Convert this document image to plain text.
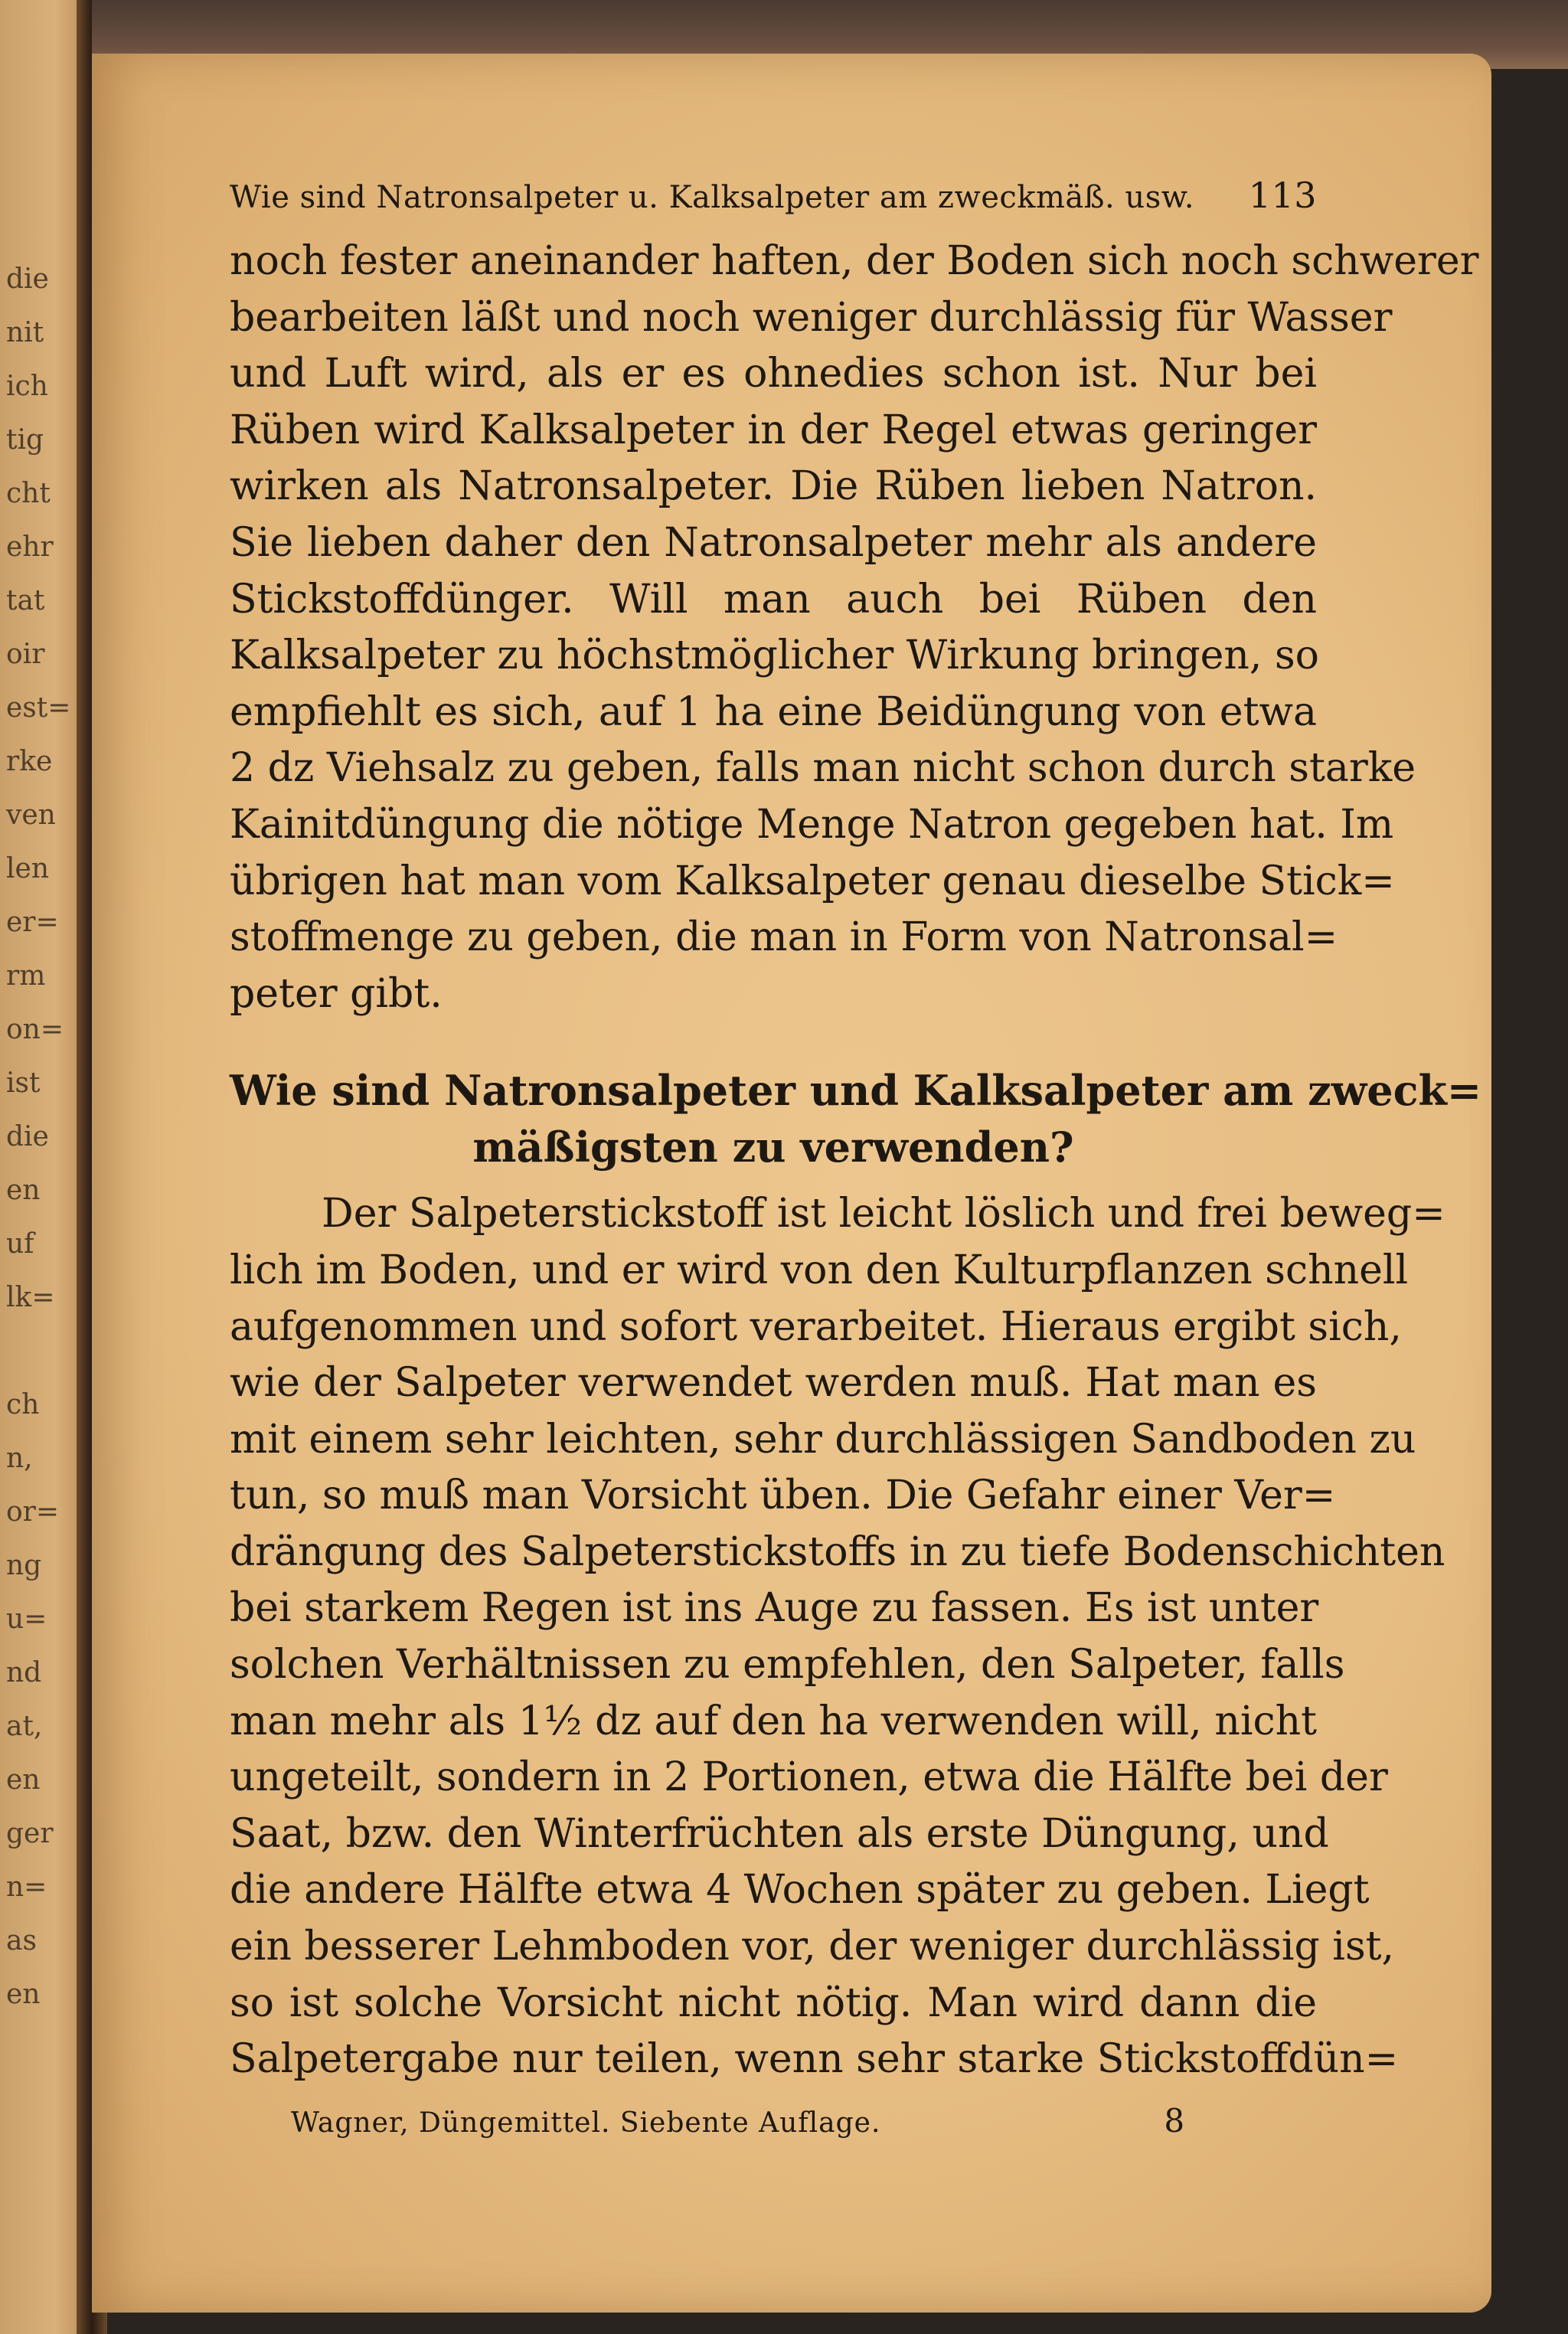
die
nit
ich
tig
cht
ehr
tat
oir
est=
rke
ven
len
er=
rm
on=
ist
die
en
uf
lk=
ch
n,
or=
ng
u=
nd
at,
en
ger
n=
as
en
Wie sind Natronsalpeter u. Kalksalpeter am zweckmäß. usw. 113
noch fester aneinander haften, der Boden sich noch schwerer
bearbeiten läßt und noch weniger durchlässig für Wasser
und Luft wird, als er es ohnedies schon ist. Nur bei
Rüben wird Kalksalpeter in der Regel etwas geringer
wirken als Natronsalpeter. Die Rüben lieben Natron.
Sie lieben daher den Natronsalpeter mehr als andere
Stickstoffdünger. Will man auch bei Rüben den
Kalksalpeter zu höchstmöglicher Wirkung bringen, so
empfiehlt es sich, auf 1 ha eine Beidüngung von etwa
2 dz Viehsalz zu geben, falls man nicht schon durch starke
Kainitdüngung die nötige Menge Natron gegeben hat. Im
übrigen hat man vom Kalksalpeter genau dieselbe Stick=
stoffmenge zu geben, die man in Form von Natronsal=
peter gibt.
Wie sind Natronsalpeter und Kalksalpeter am zweck=
mäßigsten zu verwenden?
Der Salpeterstickstoff ist leicht löslich und frei beweg=
lich im Boden, und er wird von den Kulturpflanzen schnell
aufgenommen und sofort verarbeitet. Hieraus ergibt sich,
wie der Salpeter verwendet werden muß. Hat man es
mit einem sehr leichten, sehr durchlässigen Sandboden zu
tun, so muß man Vorsicht üben. Die Gefahr einer Ver=
drängung des Salpeterstickstoffs in zu tiefe Bodenschichten
bei starkem Regen ist ins Auge zu fassen. Es ist unter
solchen Verhältnissen zu empfehlen, den Salpeter, falls
man mehr als 1½ dz auf den ha verwenden will, nicht
ungeteilt, sondern in 2 Portionen, etwa die Hälfte bei der
Saat, bzw. den Winterfrüchten als erste Düngung, und
die andere Hälfte etwa 4 Wochen später zu geben. Liegt
ein besserer Lehmboden vor, der weniger durchlässig ist,
so ist solche Vorsicht nicht nötig. Man wird dann die
Salpetergabe nur teilen, wenn sehr starke Stickstoffdün=
Wagner, Düngemittel. Siebente Auflage.	8
